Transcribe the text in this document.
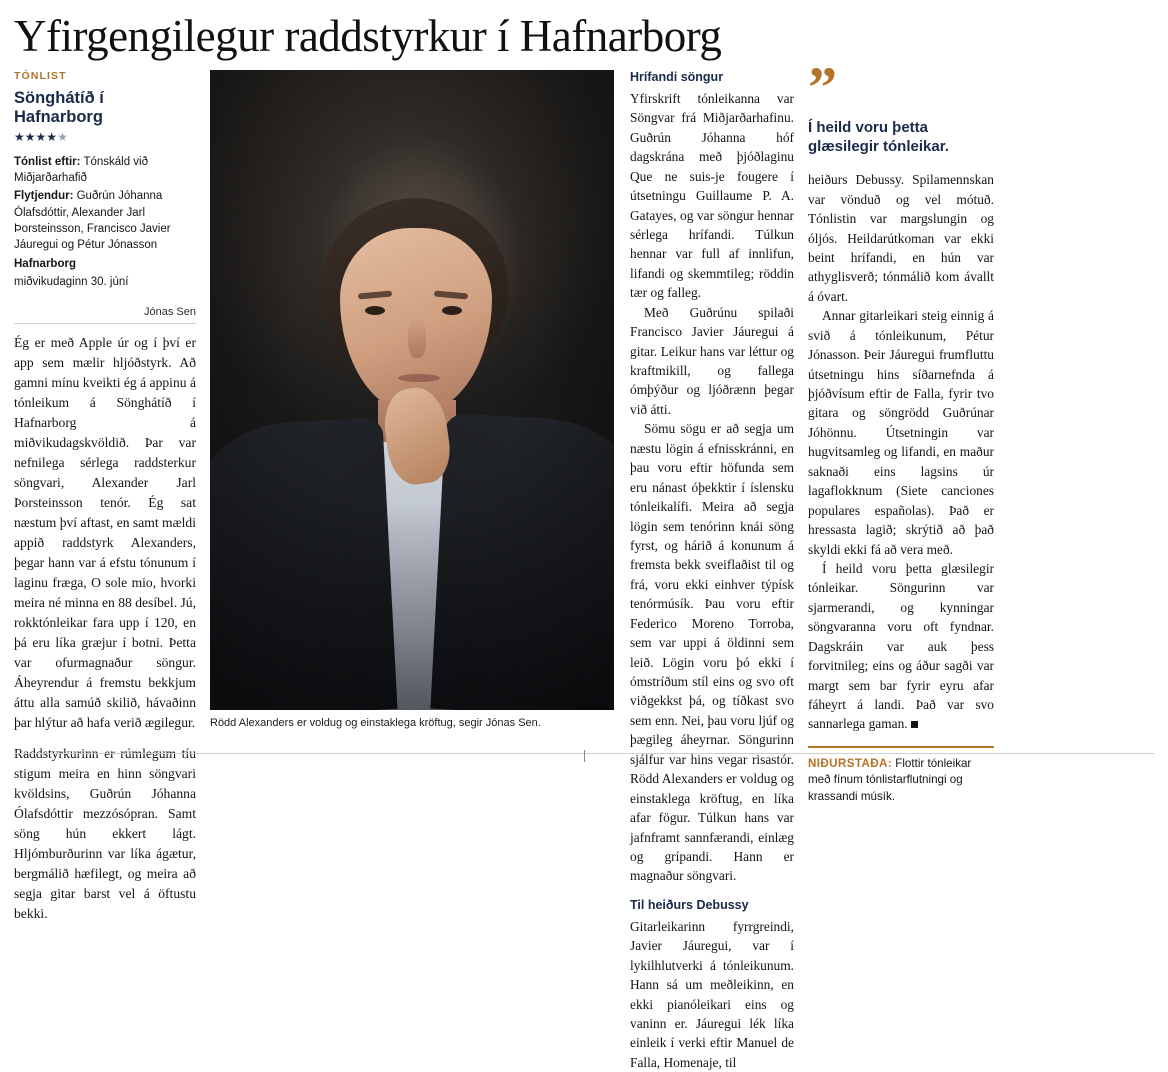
Yfirgengilegur raddstyrkur í Hafnarborg
TÓNLIST
Sönghátíð í Hafnarborg
★★★★★

Tónlist eftir: Tónskáld við Miðjarðarhafið

Flytjendur: Guðrún Jóhanna Ólafsdóttir, Alexander Jarl Þorsteinsson, Francisco Javier Jáuregui og Pétur Jónasson

Hafnarborg

miðvikudaginn 30. júní

Jónas Sen

Ég er með Apple úr og í því er app sem mælir hljóðstyrk. Að gamni mínu kveikti ég á appinu á tónleikum á Sönghátíð í Hafnarborg á miðvikudagskvöldið. Þar var nefnilega sérlega raddsterkur söngvari, Alexander Jarl Þorsteinsson tenór. Ég sat næstum því aftast, en samt mældi appið raddstyrk Alexanders, þegar hann var á efstu tónunum í laginu fræga, O sole mio, hvorki meira né minna en 88 desíbel. Jú, rokktónleikar fara upp í 120, en þá eru líka græjur í botni. Þetta var ofurmagnaður söngur. Áheyrendur á fremstu bekkjum áttu alla samúð skilið, hávaðinn þar hlýtur að hafa verið ægilegur.

Raddstyrkurinn er rúmlegum tíu stigum meira en hinn söngvari kvöldsins, Guðrún Jóhanna Ólafsdóttir mezzósópran. Samt söng hún ekkert lágt. Hljómburðurinn var líka ágætur, bergmálið hæfilegt, og meira að segja gitar barst vel á öftustu bekki.

Rödd Alexanders er voldug og einstaklega kröftug, segir Jónas Sen.
Hrífandi söngur

Yfirskrift tónleikanna var Söngvar frá Miðjarðarhafinu. Guðrún Jóhanna hóf dagskrána með þjóðlaginu Que ne suis-je fougere í útsetningu Guillaume P. A. Gatayes, og var söngur hennar sérlega hrífandi. Túlkun hennar var full af innlifun, lifandi og skemmtileg; röddin tær og falleg.

Með Guðrúnu spilaði Francisco Javier Jáuregui á gitar. Leikur hans var léttur og kraftmikill, og fallega ómþýður og ljóðrænn þegar við átti.

Sömu sögu er að segja um næstu lögin á efnisskránni, en þau voru eftir höfunda sem eru nánast óþekktir í íslensku tónleikalífi. Meira að segja lögin sem tenórinn knái söng fyrst, og hárið á konunum á fremsta bekk sveiflaðist til og frá, voru ekki einhver týpísk tenórmúsík. Þau voru eftir Federico Moreno Torroba, sem var uppi á öldinni sem leið. Lögin voru þó ekki í ómstríðum stíl eins og svo oft viðgekkst þá, og tíðkast svo sem enn. Nei, þau voru ljúf og þægileg áheyrnar. Söngurinn sjálfur var hins vegar risastór. Rödd Alexanders er voldug og einstaklega kröftug, en líka afar fögur. Túlkun hans var jafnframt sannfærandi, einlæg og grípandi. Hann er magnaður söngvari.

Til heiðurs Debussy

Gitarleikarinn fyrrgreindi, Javier Jáuregui, var í lykilhlutverki á tónleikunum. Hann sá um meðleikinn, en ekki pianóleikari eins og vaninn er. Jáuregui lék líka einleik í verki eftir Manuel de Falla, Homenaje, til

”
Í heild voru þetta glæsilegir tónleikar.

heiðurs Debussy. Spilamennskan var vönduð og vel mótuð. Tónlistin var margslungin og óljós. Heildarútkoman var ekki beint hrífandi, en hún var athyglisverð; tónmálið kom ávallt á óvart.

Annar gitarleikari steig einnig á svið á tónleikunum, Pétur Jónasson. Þeir Jáuregui frumfluttu útsetningu hins síðarnefnda á þjóðvísum eftir de Falla, fyrir tvo gitara og söngrödd Guðrúnar Jóhönnu. Útsetningin var hugvitsamleg og lifandi, en maður saknaði eins lagsins úr lagaflokknum (Siete canciones populares españolas). Það er hressasta lagið; skrýtið að það skyldi ekki fá að vera með.

Í heild voru þetta glæsilegir tónleikar. Söngurinn var sjarmerandi, og kynningar söngvaranna voru oft fyndnar. Dagskráin var auk þess forvitnileg; eins og áður sagði var margt sem bar fyrir eyru afar fáheyrt á landi. Það var svo sannarlega gaman.

NIÐURSTAÐA: Flottir tónleikar með fínum tónlistarflutningi og krassandi músík.
